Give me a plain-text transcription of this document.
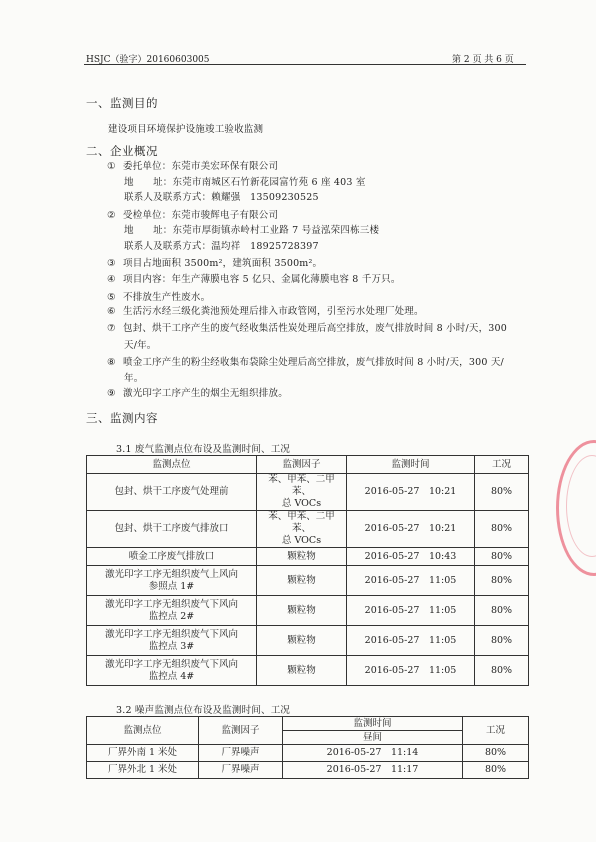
HSJC（验字）20160603005	第 2 页 共 6 页
一、监测目的
建设项目环境保护设施竣工验收监测
二、企业概况
① 委托单位：东莞市美宏环保有限公司
地　　址：东莞市南城区石竹新花园富竹苑 6 座 403 室
联系人及联系方式：赖耀强　13509230525
② 受检单位：东莞市骏辉电子有限公司
地　　址：东莞市厚街镇赤岭村工业路 7 号益泓荣四栋三楼
联系人及联系方式：温均祥　18925728397
③ 项目占地面积 3500m²，建筑面积 3500m²。
④ 项目内容：年生产薄膜电容 5 亿只、金属化薄膜电容 8 千万只。
⑤ 不排放生产性废水。
⑥ 生活污水经三级化粪池预处理后排入市政管网，引至污水处理厂处理。
⑦ 包封、烘干工序产生的废气经收集活性炭处理后高空排放，废气排放时间 8 小时/天，300
天/年。
⑧ 喷金工序产生的粉尘经收集布袋除尘处理后高空排放，废气排放时间 8 小时/天，300 天/
年。
⑨ 激光印字工序产生的烟尘无组织排放。
三、监测内容
3.1 废气监测点位布设及监测时间、工况
监测点位	监测因子	监测时间	工况

包封、烘干工序废气处理前	苯、甲苯、二甲苯、
总 VOCs	2016-05-27　10:21	80%

包封、烘干工序废气排放口	苯、甲苯、二甲苯、
总 VOCs	2016-05-27　10:21	80%

喷金工序废气排放口	颗粒物	2016-05-27　10:43	80%

激光印字工序无组织废气上风向
参照点 1#	颗粒物	2016-05-27　11:05	80%

激光印字工序无组织废气下风向
监控点 2#	颗粒物	2016-05-27　11:05	80%

激光印字工序无组织废气下风向
监控点 3#	颗粒物	2016-05-27　11:05	80%

激光印字工序无组织废气下风向
监控点 4#	颗粒物	2016-05-27　11:05	80%
3.2 噪声监测点位布设及监测时间、工况
监测点位	监测因子	监测时间	工况
		昼间	
厂界外南 1 米处	厂界噪声	2016-05-27　11:14	80%
厂界外北 1 米处	厂界噪声	2016-05-27　11:17	80%
